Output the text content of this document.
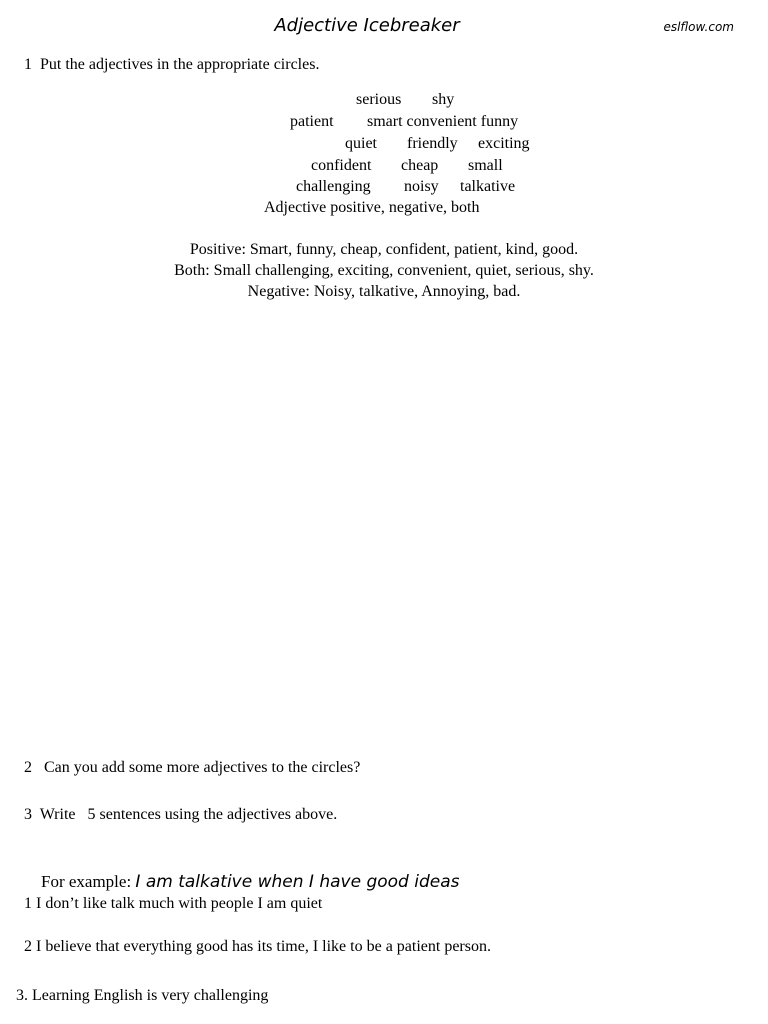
Adjective Icebreaker	eslflow.com
1  Put the adjectives in the appropriate circles.
serious shy
patient smart convenient funny
quiet friendly exciting
confident cheap small
challenging noisy talkative
Adjective positive, negative, both
Positive: Smart, funny, cheap, confident, patient, kind, good.
Both: Small challenging, exciting, convenient, quiet, serious, shy.
Negative: Noisy, talkative, Annoying, bad.
2   Can you add some more adjectives to the circles?
3  Write   5 sentences using the adjectives above.

For example: I am talkative when I have good ideas

1 I don’t like talk much with people I am quiet
2 I believe that everything good has its time, I like to be a patient person.
3. Learning English is very challenging
